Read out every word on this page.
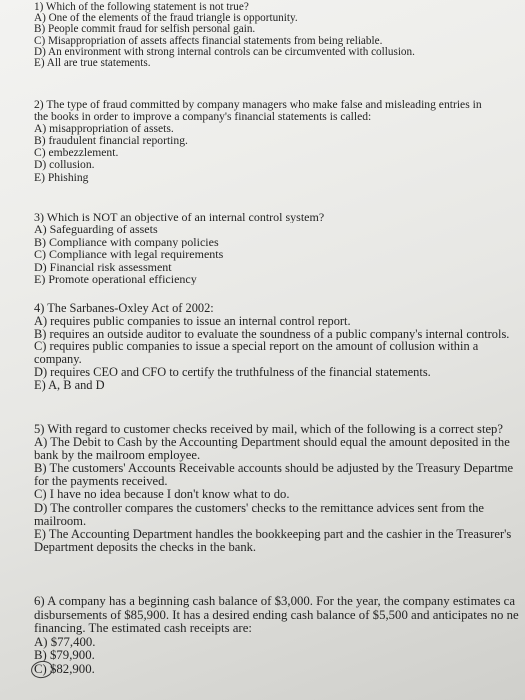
1) Which of the following statement is not true?
A) One of the elements of the fraud triangle is opportunity.
B) People commit fraud for selfish personal gain.
C) Misappropriation of assets affects financial statements from being reliable.
D) An environment with strong internal controls can be circumvented with collusion.
E) All are true statements.
2) The type of fraud committed by company managers who make false and misleading entries in
the books in order to improve a company's financial statements is called:
A) misappropriation of assets.
B) fraudulent financial reporting.
C) embezzlement.
D) collusion.
E) Phishing
3) Which is NOT an objective of an internal control system?
A) Safeguarding of assets
B) Compliance with company policies
C) Compliance with legal requirements
D) Financial risk assessment
E) Promote operational efficiency
4) The Sarbanes-Oxley Act of 2002:
A) requires public companies to issue an internal control report.
B) requires an outside auditor to evaluate the soundness of a public company's internal controls.
C) requires public companies to issue a special report on the amount of collusion within a
company.
D) requires CEO and CFO to certify the truthfulness of the financial statements.
E) A, B and D
5) With regard to customer checks received by mail, which of the following is a correct step?
A) The Debit to Cash by the Accounting Department should equal the amount deposited in the
bank by the mailroom employee.
B) The customers' Accounts Receivable accounts should be adjusted by the Treasury Departme
for the payments received.
C) I have no idea because I don't know what to do.
D) The controller compares the customers' checks to the remittance advices sent from the
mailroom.
E) The Accounting Department handles the bookkeeping part and the cashier in the Treasurer's
Department deposits the checks in the bank.
6) A company has a beginning cash balance of $3,000. For the year, the company estimates ca
disbursements of $85,900. It has a desired ending cash balance of $5,500 and anticipates no ne
financing. The estimated cash receipts are:
A) $77,400.
B) $79,900.
C) $82,900.
